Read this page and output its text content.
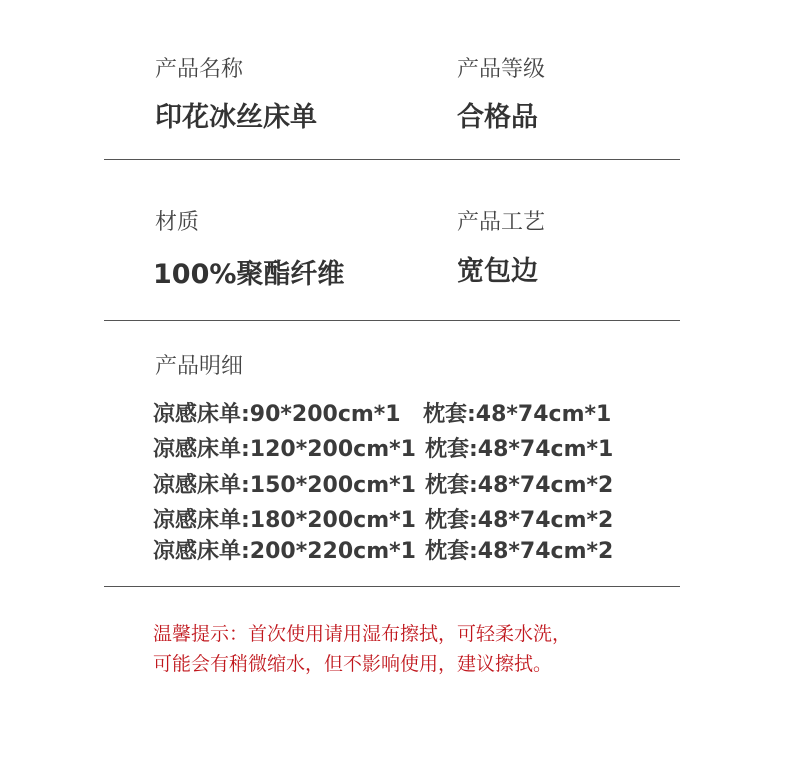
产品名称
印花冰丝床单
产品等级
合格品
材质
100%聚酯纤维
产品工艺
宽包边
产品明细
凉感床单:90*200cm*1 枕套:48*74cm*1
凉感床单:120*200cm*1 枕套:48*74cm*1
凉感床单:150*200cm*1 枕套:48*74cm*2
凉感床单:180*200cm*1 枕套:48*74cm*2
凉感床单:200*220cm*1 枕套:48*74cm*2
温馨提示：首次使用请用湿布擦拭，可轻柔水洗，
可能会有稍微缩水，但不影响使用，建议擦拭。
